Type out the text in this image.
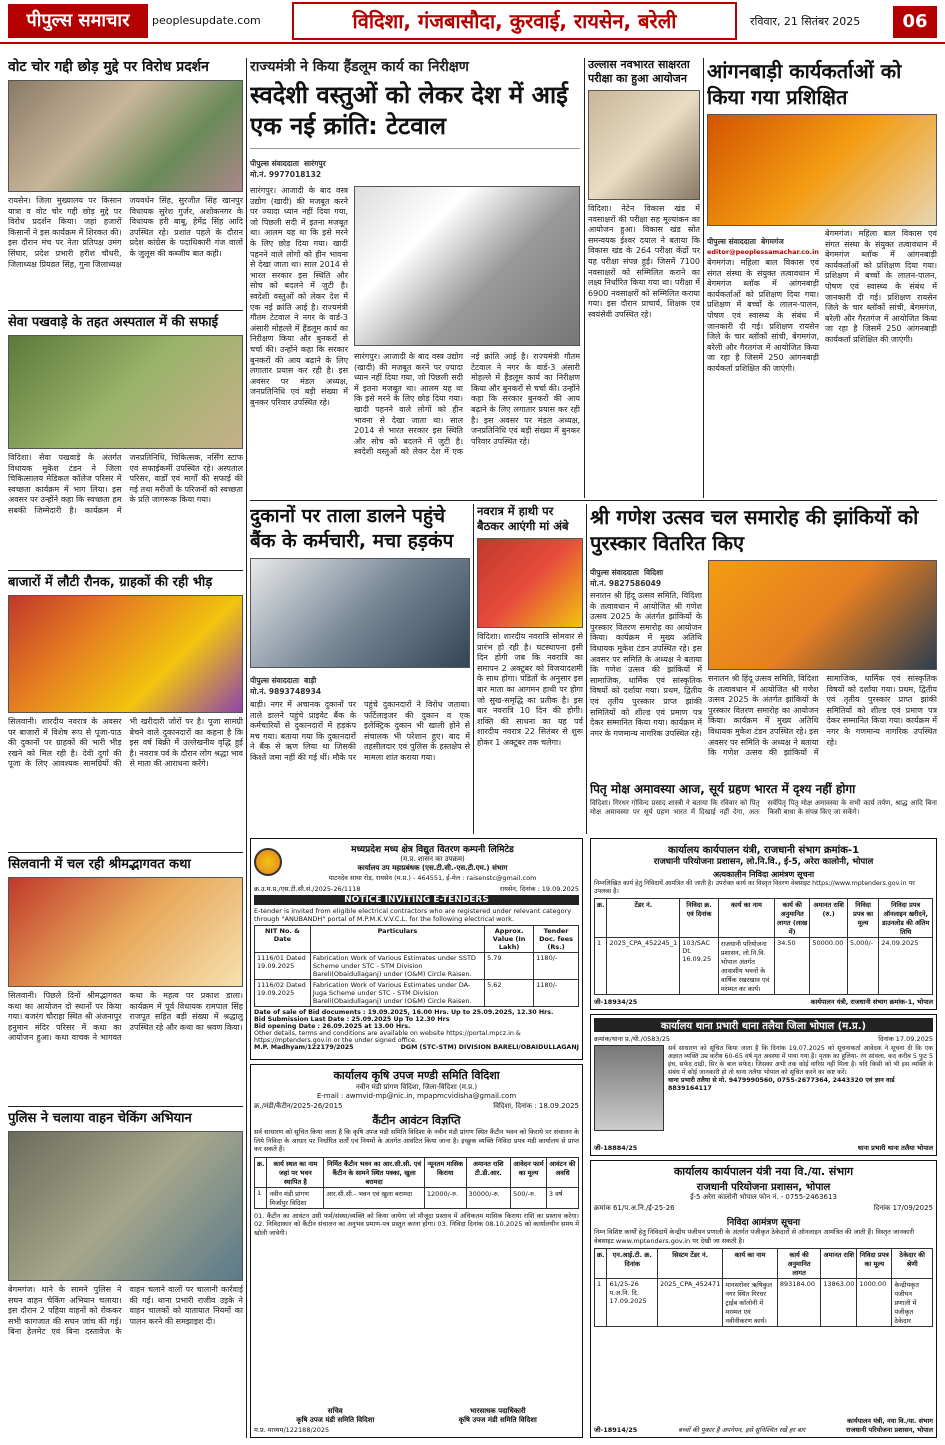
पीपुल्स समाचार	peoplesupdate.com	विदिशा, गंजबासौदा, कुरवाई, रायसेन, बरेली	रविवार, 21 सितंबर 2025	06
वोट चोर गद्दी छोड़ मुद्दे पर विरोध प्रदर्शन
रायसेन। जिला मुख्यालय पर किसान यात्रा व वोट चोर गद्दी छोड़ मुद्दे पर विरोध प्रदर्शन किया। जहां हजारों किसानों ने इस कार्यक्रम में शिरकत की। इस दौरान मंच पर नेता प्रतिपक्ष उमंग सिंघार, प्रदेश प्रभारी हरीश चौधरी, जिलाध्यक्ष प्रियव्रत सिंह, गुना जिलाध्यक्ष जयवर्धन सिंह, सुरजीत सिंह खानपुर विधायक सुरेश गुर्जर, अशोकनगर के विधायक हरी बाबू, हेमेंद्र सिंह आदि उपस्थित रहे। प्रशांत पहले के दौरान प्रदेश कांग्रेस के पदाधिकारी गंज वालों के जुलूस की कब्जीय बात कही।
सेवा पखवाड़े के तहत अस्पताल में की सफाई
विदिशा। सेवा पखवाड़े के अंतर्गत विधायक मुकेश टंडन ने जिला चिकित्सालय मेडिकल कॉलेज परिसर में स्वच्छता कार्यक्रम में भाग लिया। इस अवसर पर उन्होंने कहा कि स्वच्छता हम सबकी जिम्मेदारी है। कार्यक्रम में जनप्रतिनिधि, चिकित्सक, नर्सिंग स्टाफ एवं सफाईकर्मी उपस्थित रहे। अस्पताल परिसर, वार्डों एवं मार्गों की सफाई की गई तथा मरीजों के परिजनों को स्वच्छता के प्रति जागरूक किया गया।
बाजारों में लौटी रौनक, ग्राहकों की रही भीड़
सिलवानी। शारदीय नवरात्र के अवसर पर बाजारों में विशेष रूप से पूजा-पाठ की दुकानों पर ग्राहकों की भारी भीड़ रखने को मिल रही है। देवी दुर्गा की पूजा के लिए आवश्यक सामग्रियों की भी खरीदारी जोरों पर है। पूजा सामग्री बेचने वाले दुकानदारों का कहना है कि इस वर्ष बिक्री में उल्लेखनीय वृद्धि हुई है। नवरात्र पर्व के दौरान लोग श्रद्धा भाव से माता की आराधना करेंगे।
सिलवानी में चल रही श्रीमद्भागवत कथा
सिलवानी। पिछले दिनों श्रीमद्भागवत कथा का आयोजन दो स्थानों पर किया गया। बजरंग चौराहा स्थित श्री अंजनापुर हनुमान मंदिर परिसर में कथा का आयोजन हुआ। कथा वाचक ने भागवत कथा के महत्व पर प्रकाश डाला। कार्यक्रम में पूर्व विधायक रामपाल सिंह राजपूत सहित बड़ी संख्या में श्रद्धालु उपस्थित रहे और कथा का श्रवण किया।
पुलिस ने चलाया वाहन चेकिंग अभियान
बेगमगंज। थाने के सामने पुलिस ने सघन वाहन चेकिंग अभियान चलाया। इस दौरान 2 पहिया वाहनों को रोककर सभी कागजात की सघन जांच की गई। बिना हेलमेट एवं बिना दस्तावेज के वाहन चलाने वालों पर चालानी कार्रवाई की गई। थाना प्रभारी राजीव उइके ने वाहन चालकों को यातायात नियमों का पालन करने की समझाइश दी।
राज्यमंत्री ने किया हैंडलूम कार्य का निरीक्षण
स्वदेशी वस्तुओं को लेकर देश में आई एक नई क्रांति: टेटवाल
पीपुल्स संवाददाता सारंगपुर
मो.नं. 9977018132
सारंगपुर। आजादी के बाद वस्त्र उद्योग (खादी) की मजबूत करने पर ज्यादा ध्यान नहीं दिया गया, जो पिछली सदी में इतना मजबूत था। आलम यह था कि इसे मरने के लिए छोड़ दिया गया। खादी पहनने वाले लोगों को हीन भावना से देखा जाता था। साल 2014 से भारत सरकार इस स्थिति और सोच को बदलने में जुटी है। स्वदेशी वस्तुओं को लेकर देश में एक नई क्रांति आई है। राज्यमंत्री गौतम टेटवाल ने नगर के वार्ड-3 अंसारी मोहल्ले में हैंडलूम कार्य का निरीक्षण किया और बुनकरों से चर्चा की। उन्होंने कहा कि सरकार बुनकरों की आय बढ़ाने के लिए लगातार प्रयास कर रही है। इस अवसर पर मंडल अध्यक्ष, जनप्रतिनिधि एवं बड़ी संख्या में बुनकर परिवार उपस्थित रहे।
सारंगपुर। आजादी के बाद वस्त्र उद्योग (खादी) की मजबूत करने पर ज्यादा ध्यान नहीं दिया गया, जो पिछली सदी में इतना मजबूत था। आलम यह था कि इसे मरने के लिए छोड़ दिया गया। खादी पहनने वाले लोगों को हीन भावना से देखा जाता था। साल 2014 से भारत सरकार इस स्थिति और सोच को बदलने में जुटी है। स्वदेशी वस्तुओं को लेकर देश में एक नई क्रांति आई है। राज्यमंत्री गौतम टेटवाल ने नगर के वार्ड-3 अंसारी मोहल्ले में हैंडलूम कार्य का निरीक्षण किया और बुनकरों से चर्चा की। उन्होंने कहा कि सरकार बुनकरों की आय बढ़ाने के लिए लगातार प्रयास कर रही है। इस अवसर पर मंडल अध्यक्ष, जनप्रतिनिधि एवं बड़ी संख्या में बुनकर परिवार उपस्थित रहे।
उल्लास नवभारत साक्षरता परीक्षा का हुआ आयोजन
विदिशा। नेटेन विकास खंड में नवसाक्षरों की परीक्षा सह मूल्यांकन का आयोजन हुआ। विकास खंड स्रोत समन्वयक ईश्वर दयाल ने बताया कि विकास खंड के 264 परीक्षा केंद्रों पर यह परीक्षा संपन्न हुई। जिसमें 7100 नवसाक्षरों को सम्मिलित कराने का लक्ष्य निर्धारित किया गया था। परीक्षा में 6900 नवसाक्षरों को सम्मिलित कराया गया। इस दौरान प्राचार्य, शिक्षक एवं स्वयंसेवी उपस्थित रहे।
आंगनबाड़ी कार्यकर्ताओं को किया गया प्रशिक्षित
पीपुल्स संवाददाता बेगमगंज
editor@peoplessamachar.co.in
बेगमगंज। महिला बाल विकास एवं संगत संस्था के संयुक्त तत्वावधान में बेगमगंज ब्लॉक में आंगनबाड़ी कार्यकर्ताओं को प्रशिक्षण दिया गया। प्रशिक्षण में बच्चों के लालन-पालन, पोषण एवं स्वास्थ्य के संबंध में जानकारी दी गई। प्रशिक्षण रायसेन जिले के चार ब्लॉकों सांची, बेगमगंज, बरेली और गैरतगंज में आयोजित किया जा रहा है जिसमें 250 आंगनबाड़ी कार्यकर्ता प्रशिक्षित की जाएंगी।
बेगमगंज। महिला बाल विकास एवं संगत संस्था के संयुक्त तत्वावधान में बेगमगंज ब्लॉक में आंगनबाड़ी कार्यकर्ताओं को प्रशिक्षण दिया गया। प्रशिक्षण में बच्चों के लालन-पालन, पोषण एवं स्वास्थ्य के संबंध में जानकारी दी गई। प्रशिक्षण रायसेन जिले के चार ब्लॉकों सांची, बेगमगंज, बरेली और गैरतगंज में आयोजित किया जा रहा है जिसमें 250 आंगनबाड़ी कार्यकर्ता प्रशिक्षित की जाएंगी।
दुकानों पर ताला डालने पहुंचे बैंक के कर्मचारी, मचा हड़कंप
पीपुल्स संवाददाता बाड़ी
मो.नं. 9893748934
बाड़ी। नगर में अचानक दुकानों पर ताले डालने पहुंचे प्राइवेट बैंक के कर्मचारियों से दुकानदारों में हड़कंप मच गया। बताया गया कि दुकानदारों ने बैंक से ऋण लिया था जिसकी किश्तें जमा नहीं की गई थीं। मौके पर पहुंचे दुकानदारों ने विरोध जताया। फर्टिलाइजर की दुकान व एक इलेक्ट्रिक दुकान भी खाली होने से संचालक भी परेशान हुए। बाद में तहसीलदार एवं पुलिस के हस्तक्षेप से मामला शांत कराया गया।
नवरात्र में हाथी पर बैठकर आएंगी मां अंबे
विदिशा। शारदीय नवरात्रि सोमवार से प्रारंभ हो रही है। घटस्थापना इसी दिन होगी जब कि नवरात्रि का समापन 2 अक्टूबर को विजयादशमी के साथ होगा। पंडितों के अनुसार इस बार माता का आगमन हाथी पर होगा जो सुख-समृद्धि का प्रतीक है। इस बार नवरात्रि 10 दिन की होगी। शक्ति की साधना का यह पर्व शारदीय नवरात्र 22 सितंबर से शुरू होकर 1 अक्टूबर तक चलेगा।
श्री गणेश उत्सव चल समारोह की झांकियों को पुरस्कार वितरित किए
पीपुल्स संवाददाता विदिशा
मो.नं. 9827586049
सनातन श्री हिंदू उत्सव समिति, विदिशा के तत्वावधान में आयोजित श्री गणेश उत्सव 2025 के अंतर्गत झांकियों के पुरस्कार वितरण समारोह का आयोजन किया। कार्यक्रम में मुख्य अतिथि विधायक मुकेश टंडन उपस्थित रहे। इस अवसर पर समिति के अध्यक्ष ने बताया कि गणेश उत्सव की झांकियों में सामाजिक, धार्मिक एवं सांस्कृतिक विषयों को दर्शाया गया। प्रथम, द्वितीय एवं तृतीय पुरस्कार प्राप्त झांकी समितियों को शील्ड एवं प्रमाण पत्र देकर सम्मानित किया गया। कार्यक्रम में नगर के गणमान्य नागरिक उपस्थित रहे।
सनातन श्री हिंदू उत्सव समिति, विदिशा के तत्वावधान में आयोजित श्री गणेश उत्सव 2025 के अंतर्गत झांकियों के पुरस्कार वितरण समारोह का आयोजन किया। कार्यक्रम में मुख्य अतिथि विधायक मुकेश टंडन उपस्थित रहे। इस अवसर पर समिति के अध्यक्ष ने बताया कि गणेश उत्सव की झांकियों में सामाजिक, धार्मिक एवं सांस्कृतिक विषयों को दर्शाया गया। प्रथम, द्वितीय एवं तृतीय पुरस्कार प्राप्त झांकी समितियों को शील्ड एवं प्रमाण पत्र देकर सम्मानित किया गया। कार्यक्रम में नगर के गणमान्य नागरिक उपस्थित रहे।
पितृ मोक्ष अमावस्या आज, सूर्य ग्रहण भारत में दृश्य नहीं होगा
विदिशा। गिरधर गोविन्द प्रसाद शास्त्री ने बताया कि रविवार को पितृ मोक्ष अमावस्या पर सूर्य ग्रहण भारत में दिखाई नहीं देगा, अतः सर्वपितृ पितृ मोक्ष अमावस्या के सभी कार्य तर्पण, श्राद्ध आदि बिना किसी बाधा के संपन्न किए जा सकेंगे।
मध्यप्रदेश मध्य क्षेत्र विद्युत वितरण कम्पनी लिमिटेड
(म.प्र. शासन का उपक्रम)
कार्यालय उप महाप्रबंधक (एस.टी.सी.-एस.टी.एम.) संभाग
पाटनदेव साथा रोड, रायसेन (म.प्र.) - 464551, ई-मेल : raisenstc@gmail.com
क्र.उ.म.प्र./एस.टी.सी.सं./2025-26/1118	रायसेन, दिनांक : 19.09.2025
NOTICE INVITING E-TENDERS
E-tender is invited from eligible electrical contractors who are registered under relevant category through "ANUBANDH" portal of M.P.M.K.V.V.C.L. for the following electrical work.
NIT No. & Date	Particulars	Approx. Value (In Lakh)	Tender Doc. fees (Rs.)
1116/01 Dated 19.09.2025	Fabrication Work of Various Estimates under SSTD Scheme under STC - STM Division Bareli(Obaidullaganj) under (O&M) Circle Raisen.	5.79	1180/-
1116/02 Dated 19.09.2025	Fabrication Work of Various Estimates under DA-Juga Scheme under STC - STM Division Bareli(Obaidullaganj) under (O&M) Circle Raisen.	5.62	1180/-
Date of sale of Bid documents : 19.09.2025, 16.00 Hrs. Up to 25.09.2025, 12.30 Hrs.
Bid Submission Last Date : 25.09.2025 Up To 12.30 Hrs
Bid opening Date : 26.09.2025 at 13.00 Hrs.
Other details, terms and conditions are available on website https://portal.mpcz.in & https://mptenders.gov.in or the under signed office.
M.P. Madhyam/122179/2025	DGM (STC-STM) DIVISION BARELI/OBAIDULLAGANJ
कार्यालय कृषि उपज मण्डी समिति विदिशा
नवीन मंडी प्रांगण विदिशा, जिला-विदिशा (म.प्र.)
E-mail : awmvid-mp@nic.in, mpapmcvidisha@gmail.com
क्र./मंडी/कैंटीन/2025-26/2015	विदिशा, दिनांक : 18.09.2025
कैंटीन आवंटन विज्ञप्ति
सर्व साधारण को सूचित किया जाता है कि कृषि उपज मंडी समिति विदिशा के नवीन मंडी प्रांगण स्थित कैंटीन भवन को किराये पर संचालन के लिये निविदा के आधार पर निर्धारित शर्तों एवं नियमों के अंतर्गत आवंटित किया जाना है। इच्छुक व्यक्ति निविदा प्रपत्र मंडी कार्यालय से प्राप्त कर सकते हैं।
क्र.	कार्य स्थल का नाम जहां पर भवन स्थापित है	निर्मित कैंटीन भवन का आर.सी.सी. एवं कैंटीन के सामने स्थित पक्का, खुला बरामदा	न्यूनतम मासिक किराया	अमानत राशि टी.डी.आर.	आवेदन फार्म का मूल्य	आवंटन की अवधि
1	नवीन मंडी प्रांगण मिर्जापुर विदिशा	आर.सी.सी.- भवन एवं खुला बरामदा	12000/-रु.	30000/-रु.	500/-रु.	3 वर्ष
01. कैंटीन का आवंटन उसी फर्म/संस्था/व्यक्ति को किया जायेगा जो मौजूदा प्रस्ताव में अधिकतम मासिक किराया राशि का प्रस्ताव करेगा। 02. निविदाकार को कैंटीन संचालन का अनुभव प्रमाण-पत्र प्रस्तुत करना होगा। 03. निविदा दिनांक 08.10.2025 को कार्यालयीन समय में खोली जावेगी।
सचिव
कृषि उपज मंडी समिति विदिशा
भारसाधक पदाधिकारी
कृषि उपज मंडी समिति विदिशा
म.प्र. माध्यम/122188/2025
कार्यालय कार्यपालन यंत्री, राजधानी संभाग क्रमांक-1
राजधानी परियोजना प्रशासन, लो.नि.वि., ई-5, अरेरा कालोनी, भोपाल
अत्यकालीन निविदा आमंत्रण सूचना
निम्नलिखित कार्य हेतु निविदायें आमंत्रित की जाती है। उपरोक्त कार्य का विस्तृत विवरण वेबसाइट https://www.mptenders.gov.in पर उपलब्ध है।
क्र.	टेंडर नं.	निविदा क्र. एवं दिनांक	कार्य का नाम	कार्य की अनुमानित लागत (लाख में)	अमानत राशि (रु.)	निविदा प्रपत्र का मूल्य	निविदा प्रपत्र ऑनलाइन खरीदने, डाउनलोड की अंतिम तिथि
1	2025_CPA_452245_1	103/SAC Dt. 16.09.25	राजधानी परियोजना प्रशासन, लो.नि.वि. भोपाल अंतर्गत आवासीय भवनों के वार्षिक रखरखाव एवं मरम्मत का कार्य।	34.50	50000.00	5,000/-	24.09.2025
जी-18934/25	कार्यपालन यंत्री, राजधानी संभाग क्रमांक-1, भोपाल
कार्यालय थाना प्रभारी थाना तलैया जिला भोपाल (म.प्र.)
क्रमांक/थाना प्र./थी./0583/25	दिनांक 17.09.2025
सर्व साधारण को सूचित किया जाता है कि दिनांक 19.07.2025 को सूचनाकर्ता आवेदक ने सूचना दी कि एक अज्ञात व्यक्ति उम्र करीब 60-65 वर्ष मृत अवस्था में पाया गया है। मृतक का हुलिया- रंग सांवला, कद करीब 5 फुट 5 इंच, सफेद दाढ़ी, सिर के बाल सफेद। जिसका अभी तक कोई वारिस नहीं मिला है। यदि किसी को भी इस व्यक्ति के संबंध में कोई जानकारी हो तो थाना तलैया भोपाल को सूचित करने का कष्ट करें।
थाना प्रभारी तलैया से मो. 9479990560, 0755-2677364, 2443320 एवं ज्ञान वार्ड 8839164117
जी-18884/25	थाना प्रभारी थाना तलैया भोपाल
कार्यालय कार्यपालन यंत्री नया वि./या. संभाग
राजधानी परियोजना प्रशासन, भोपाल
ई-5 अरेरा कालोनी भोपाल फोन नं. - 0755-2463613
क्रमांक 61/प.अ.नि./ई-25-26	दिनांक 17/09/2025
निविदा आमंत्रण सूचना
निम्न विशिष्ट कार्यों हेतु निविदायें केन्द्रीय पंजीयन प्रणाली के अंतर्गत पंजीकृत ठेकेदारों से ऑनलाइन आमंत्रित की जाती हैं। विस्तृत जानकारी वेबसाइट www.mptenders.gov.in पर देखी जा सकती है।
क्र.	एन.आई.टी. क्र. दिनांक	सिस्टम टेंडर नं.	कार्य का नाम	कार्य की अनुमानित लागत	अमानत राशि	निविदा प्रपत्र का मूल्य	ठेकेदार की श्रेणी
1	61/25-26 प.अ.नि. दि. 17.09.2025	2025_CPA_452471	मानसरोवर ऋषिकुल नगर स्थित गिरधर ट्राईब कॉलोनी में मरम्मत एवं नवीनीकरण कार्य।	893184.00	13863.00	1000.00	केन्द्रीयकृत पंजीयन प्रणाली में पंजीकृत ठेकेदार
जी-18914/25	बच्चों की पुकार है अपनेपन, इसे सुनिश्चित रखें हर बार
कार्यपालन यंत्री, नया वि./या. संभाग
राजधानी परियोजना प्रशासन, भोपाल
